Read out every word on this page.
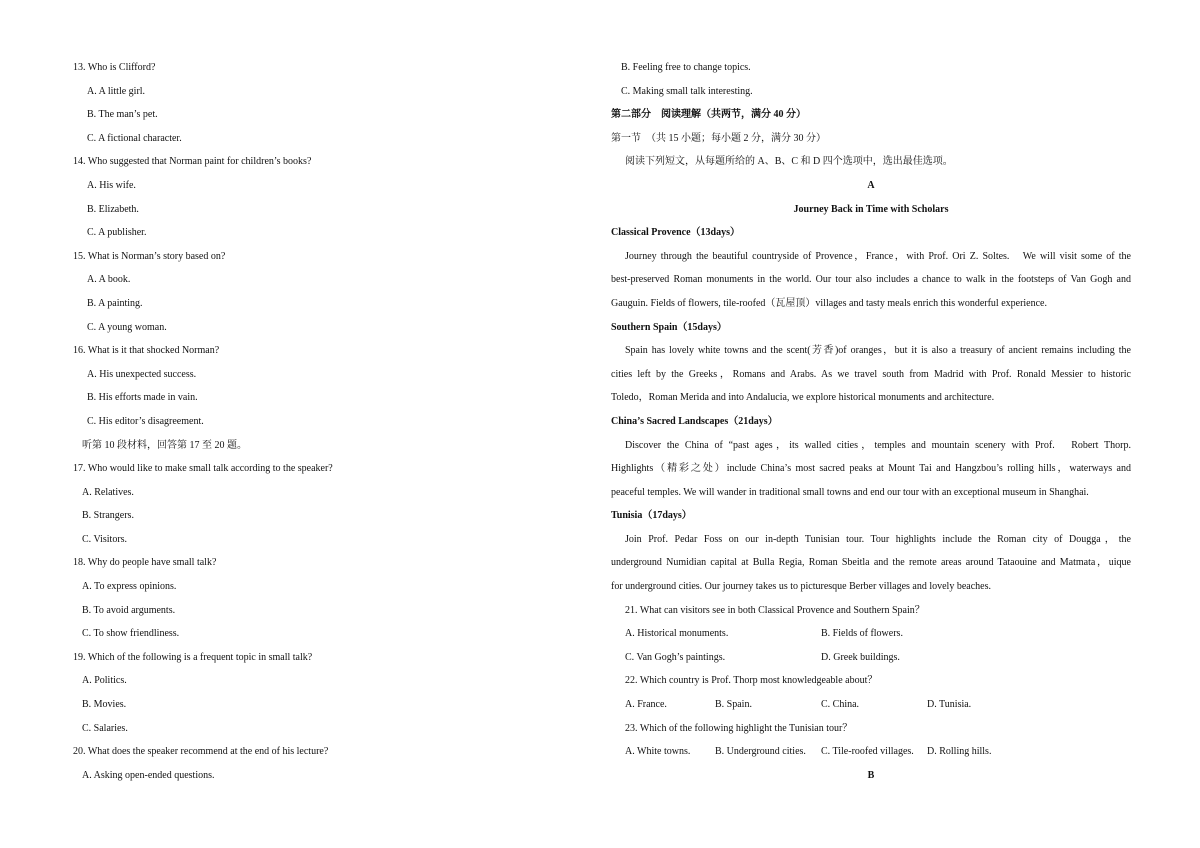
13. Who is Clifford?
A. A little girl.
B. The man’s pet.
C. A fictional character.
14. Who suggested that Norman paint for children’s books?
A. His wife.
B. Elizabeth.
C. A publisher.
15. What is Norman’s story based on?
A. A book.
B. A painting.
C. A young woman.
16. What is it that shocked Norman?
A. His unexpected success.
B. His efforts made in vain.
C. His editor’s disagreement.
听第 10 段材料，回答第 17 至 20 题。
17. Who would like to make small talk according to the speaker?
A. Relatives.
B. Strangers.
C. Visitors.
18. Why do people have small talk?
A. To express opinions.
B. To avoid arguments.
C. To show friendliness.
19. Which of the following is a frequent topic in small talk?
A. Politics.
B. Movies.
C. Salaries.
20. What does the speaker recommend at the end of his lecture?
A. Asking open-ended questions.
B. Feeling free to change topics.
C. Making small talk interesting.
第二部分　阅读理解（共两节，满分 40 分）
第一节　（共 15 小题；每小题 2 分，满分 30 分）
阅读下列短文，从每题所给的 A、B、C 和 D 四个选项中，选出最佳选项。
A
Journey Back in Time with Scholars
Classical Provence（13days）
Journey through the beautiful countryside of Provence，France，with Prof. Ori Z. Soltes.　We will visit some of the
best-preserved Roman monuments in the world. Our tour also includes a chance to walk in the footsteps of Van Gogh and
Gauguin. Fields of flowers, tile-roofed（瓦屋顶）villages and tasty meals enrich this wonderful experience.
Southern Spain（15days）
Spain has lovely white towns and the scent(芳香)of oranges，but it is also a treasury of ancient remains including the
cities left by the Greeks，Romans and Arabs. As we travel south from Madrid with Prof. Ronald Messier to historic
Toledo，Roman Merida and into Andalucia, we explore historical monuments and architecture.
China’s Sacred Landscapes（21days）
Discover the China of “past ages，its walled cities，temples and mountain scenery with Prof.　Robert Thorp.
Highlights（精彩之处）include China’s most sacred peaks at Mount Tai and Hangzbou’s rolling hills，waterways and
peaceful temples. We will wander in traditional small towns and end our tour with an exceptional museum in Shanghai.
Tunisia（17days）
Join Prof. Pedar Foss on our in-depth Tunisian tour. Tour highlights include the Roman city of Dougga，the
underground Numidian capital at Bulla Regia, Roman Sbeitla and the remote areas around Tataouine and Matmata，uique
for underground cities. Our journey takes us to picturesque Berber villages and lovely beaches.
21. What can visitors see in both Classical Provence and Southern Spain？
A. Historical monuments.	B. Fields of flowers.
C. Van Gogh’s paintings.	D. Greek buildings.
22. Which country is Prof. Thorp most knowledgeable about？
A. France.	B. Spain.	C. China.	D. Tunisia.
23. Which of the following highlight the Tunisian tour？
A. White towns.	B. Underground cities.	C. Tile-roofed villages.	D. Rolling hills.
B
